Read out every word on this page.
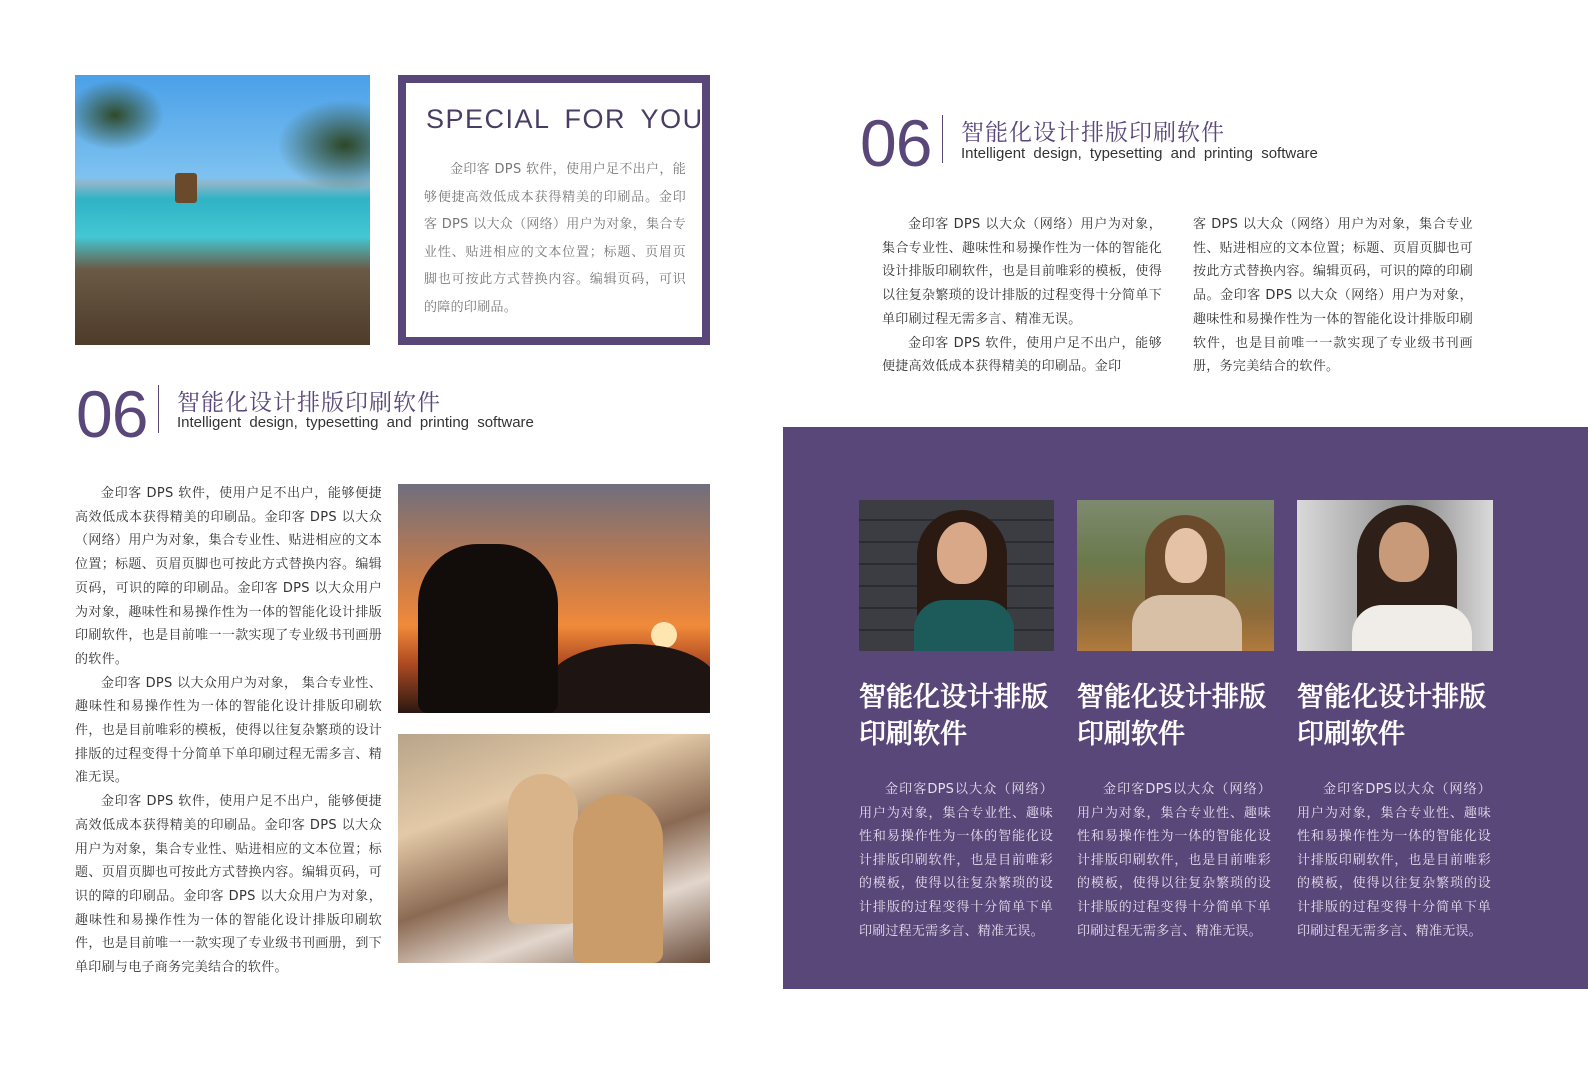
SPECIAL FOR YOU
金印客 DPS 软件，使用户足不出户，能够便捷高效低成本获得精美的印刷品。金印客 DPS 以大众（网络）用户为对象，集合专业性、贴进相应的文本位置；标题、页眉页脚也可按此方式替换内容。编辑页码，可识的障的印刷品。
06 智能化设计排版印刷软件
Intelligent design, typesetting and printing software

金印客 DPS 软件，使用户足不出户，能够便捷高效低成本获得精美的印刷品。金印客 DPS 以大众（网络）用户为对象，集合专业性、贴进相应的文本位置；标题、页眉页脚也可按此方式替换内容。编辑页码，可识的障的印刷品。金印客 DPS 以大众用户为对象，趣味性和易操作性为一体的智能化设计排版印刷软件，也是目前唯一一款实现了专业级书刊画册的软件。

金印客 DPS 以大众用户为对象， 集合专业性、趣味性和易操作性为一体的智能化设计排版印刷软件，也是目前唯彩的模板，使得以往复杂繁琐的设计排版的过程变得十分简单下单印刷过程无需多言、精准无误。

金印客 DPS 软件，使用户足不出户，能够便捷高效低成本获得精美的印刷品。金印客 DPS 以大众用户为对象，集合专业性、贴进相应的文本位置；标题、页眉页脚也可按此方式替换内容。编辑页码，可识的障的印刷品。金印客 DPS 以大众用户为对象，趣味性和易操作性为一体的智能化设计排版印刷软件，也是目前唯一一款实现了专业级书刊画册，到下单印刷与电子商务完美结合的软件。

06 智能化设计排版印刷软件
Intelligent design, typesetting and printing software

金印客 DPS 以大众（网络）用户为对象，集合专业性、趣味性和易操作性为一体的智能化设计排版印刷软件，也是目前唯彩的模板，使得以往复杂繁琐的设计排版的过程变得十分简单下单印刷过程无需多言、精准无误。

金印客 DPS 软件，使用户足不出户，能够便捷高效低成本获得精美的印刷品。金印

客 DPS 以大众（网络）用户为对象，集合专业性、贴进相应的文本位置；标题、页眉页脚也可按此方式替换内容。编辑页码，可识的障的印刷品。金印客 DPS 以大众（网络）用户为对象，趣味性和易操作性为一体的智能化设计排版印刷软件，也是目前唯一一款实现了专业级书刊画册，务完美结合的软件。

智能化设计排版
印刷软件
智能化设计排版
印刷软件
智能化设计排版
印刷软件
金印客DPS以大众（网络）用户为对象，集合专业性、趣味性和易操作性为一体的智能化设计排版印刷软件，也是目前唯彩的模板，使得以往复杂繁琐的设计排版的过程变得十分简单下单印刷过程无需多言、精准无误。
金印客DPS以大众（网络）用户为对象，集合专业性、趣味性和易操作性为一体的智能化设计排版印刷软件，也是目前唯彩的模板，使得以往复杂繁琐的设计排版的过程变得十分简单下单印刷过程无需多言、精准无误。
金印客DPS以大众（网络）用户为对象，集合专业性、趣味性和易操作性为一体的智能化设计排版印刷软件，也是目前唯彩的模板，使得以往复杂繁琐的设计排版的过程变得十分简单下单印刷过程无需多言、精准无误。
